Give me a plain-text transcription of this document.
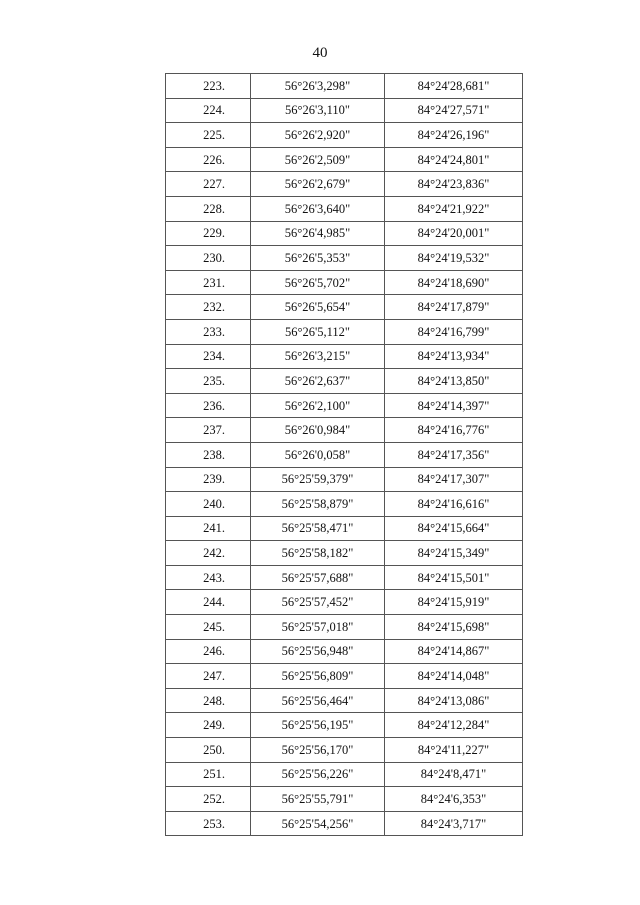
40
223.	56°26'3,298"	84°24'28,681"
224.	56°26'3,110"	84°24'27,571"
225.	56°26'2,920"	84°24'26,196"
226.	56°26'2,509"	84°24'24,801"
227.	56°26'2,679"	84°24'23,836"
228.	56°26'3,640"	84°24'21,922"
229.	56°26'4,985"	84°24'20,001"
230.	56°26'5,353"	84°24'19,532"
231.	56°26'5,702"	84°24'18,690"
232.	56°26'5,654"	84°24'17,879"
233.	56°26'5,112"	84°24'16,799"
234.	56°26'3,215"	84°24'13,934"
235.	56°26'2,637"	84°24'13,850"
236.	56°26'2,100"	84°24'14,397"
237.	56°26'0,984"	84°24'16,776"
238.	56°26'0,058"	84°24'17,356"
239.	56°25'59,379"	84°24'17,307"
240.	56°25'58,879"	84°24'16,616"
241.	56°25'58,471"	84°24'15,664"
242.	56°25'58,182"	84°24'15,349"
243.	56°25'57,688"	84°24'15,501"
244.	56°25'57,452"	84°24'15,919"
245.	56°25'57,018"	84°24'15,698"
246.	56°25'56,948"	84°24'14,867"
247.	56°25'56,809"	84°24'14,048"
248.	56°25'56,464"	84°24'13,086"
249.	56°25'56,195"	84°24'12,284"
250.	56°25'56,170"	84°24'11,227"
251.	56°25'56,226"	84°24'8,471"
252.	56°25'55,791"	84°24'6,353"
253.	56°25'54,256"	84°24'3,717"
